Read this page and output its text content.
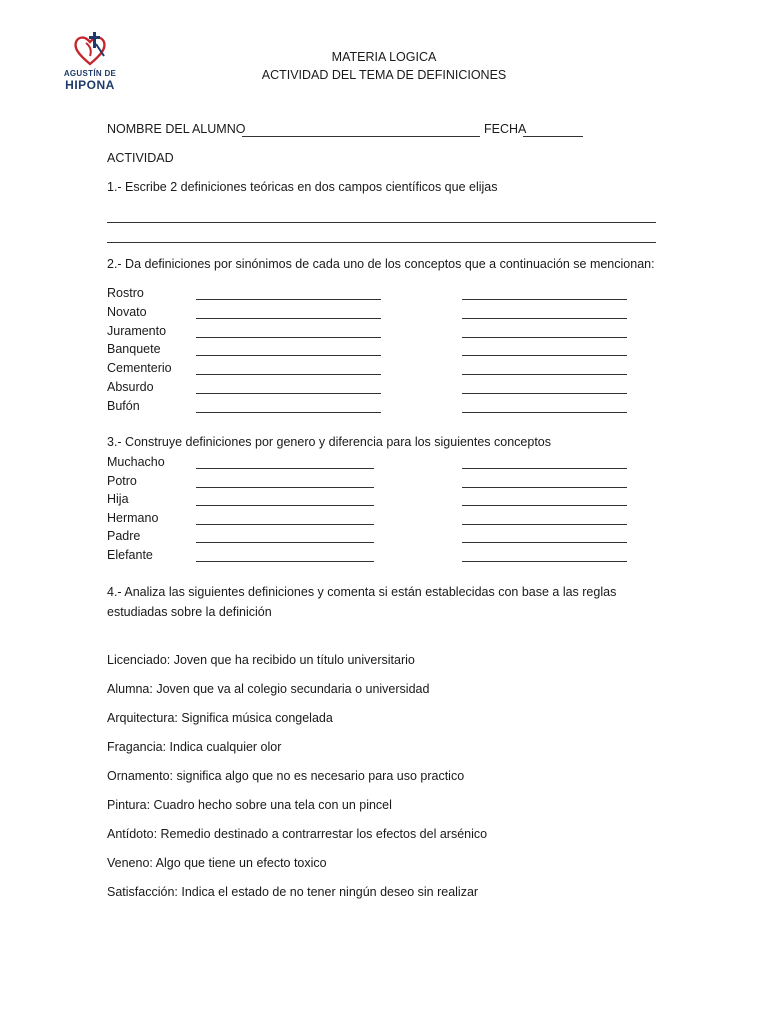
AGUSTÍN DE
HIPONA
MATERIA LOGICA
ACTIVIDAD DEL TEMA DE DEFINICIONES
NOMBRE DEL ALUMNO	FECHA
ACTIVIDAD
1.- Escribe 2 definiciones teóricas en dos campos científicos que elijas
2.- Da definiciones por sinónimos de cada uno de los conceptos que a continuación se mencionan:
Rostro
Novato
Juramento
Banquete
Cementerio
Absurdo
Bufón
3.- Construye definiciones por genero y diferencia para los siguientes conceptos
Muchacho
Potro
Hija
Hermano
Padre
Elefante
4.- Analiza las siguientes definiciones y comenta si están establecidas con base a las reglas
estudiadas sobre la definición
Licenciado: Joven que ha recibido un título universitario
Alumna: Joven que va al colegio secundaria o universidad
Arquitectura: Significa música congelada
Fragancia: Indica cualquier olor
Ornamento: significa algo que no es necesario para uso practico
Pintura: Cuadro hecho sobre una tela con un pincel
Antídoto: Remedio destinado a contrarrestar los efectos del arsénico
Veneno: Algo que tiene un efecto toxico
Satisfacción: Indica el estado de no tener ningún deseo sin realizar
